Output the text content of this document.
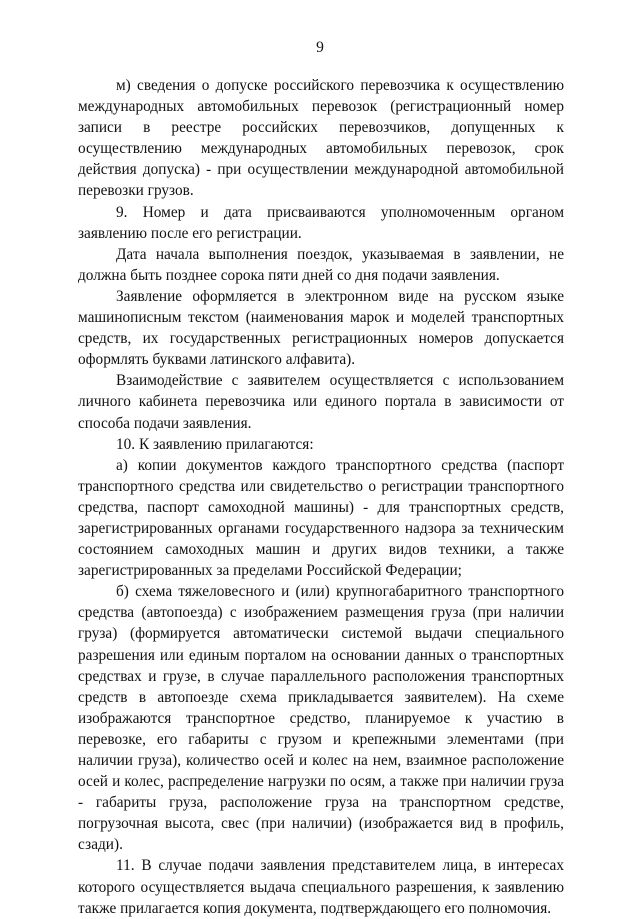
9

м) сведения о допуске российского перевозчика к осуществлению международных автомобильных перевозок (регистрационный номер записи в реестре российских перевозчиков, допущенных к осуществлению международных автомобильных перевозок, срок действия допуска) - при осуществлении международной автомобильной перевозки грузов.

9. Номер и дата присваиваются уполномоченным органом заявлению после его регистрации.

Дата начала выполнения поездок, указываемая в заявлении, не должна быть позднее сорока пяти дней со дня подачи заявления.

Заявление оформляется в электронном виде на русском языке машинописным текстом (наименования марок и моделей транспортных средств, их государственных регистрационных номеров допускается оформлять буквами латинского алфавита).

Взаимодействие с заявителем осуществляется с использованием личного кабинета перевозчика или единого портала в зависимости от способа подачи заявления.

10. К заявлению прилагаются:

а) копии документов каждого транспортного средства (паспорт транспортного средства или свидетельство о регистрации транспортного средства, паспорт самоходной машины) - для транспортных средств, зарегистрированных органами государственного надзора за техническим состоянием самоходных машин и других видов техники, а также зарегистрированных за пределами Российской Федерации;

б) схема тяжеловесного и (или) крупногабаритного транспортного средства (автопоезда) с изображением размещения груза (при наличии груза) (формируется автоматически системой выдачи специального разрешения или единым порталом на основании данных о транспортных средствах и грузе, в случае параллельного расположения транспортных средств в автопоезде схема прикладывается заявителем). На схеме изображаются транспортное средство, планируемое к участию в перевозке, его габариты с грузом и крепежными элементами (при наличии груза), количество осей и колес на нем, взаимное расположение осей и колес, распределение нагрузки по осям, а также при наличии груза - габариты груза, расположение груза на транспортном средстве, погрузочная высота, свес (при наличии) (изображается вид в профиль, сзади).

11. В случае подачи заявления представителем лица, в интересах которого осуществляется выдача специального разрешения, к заявлению также прилагается копия документа, подтверждающего его полномочия.
